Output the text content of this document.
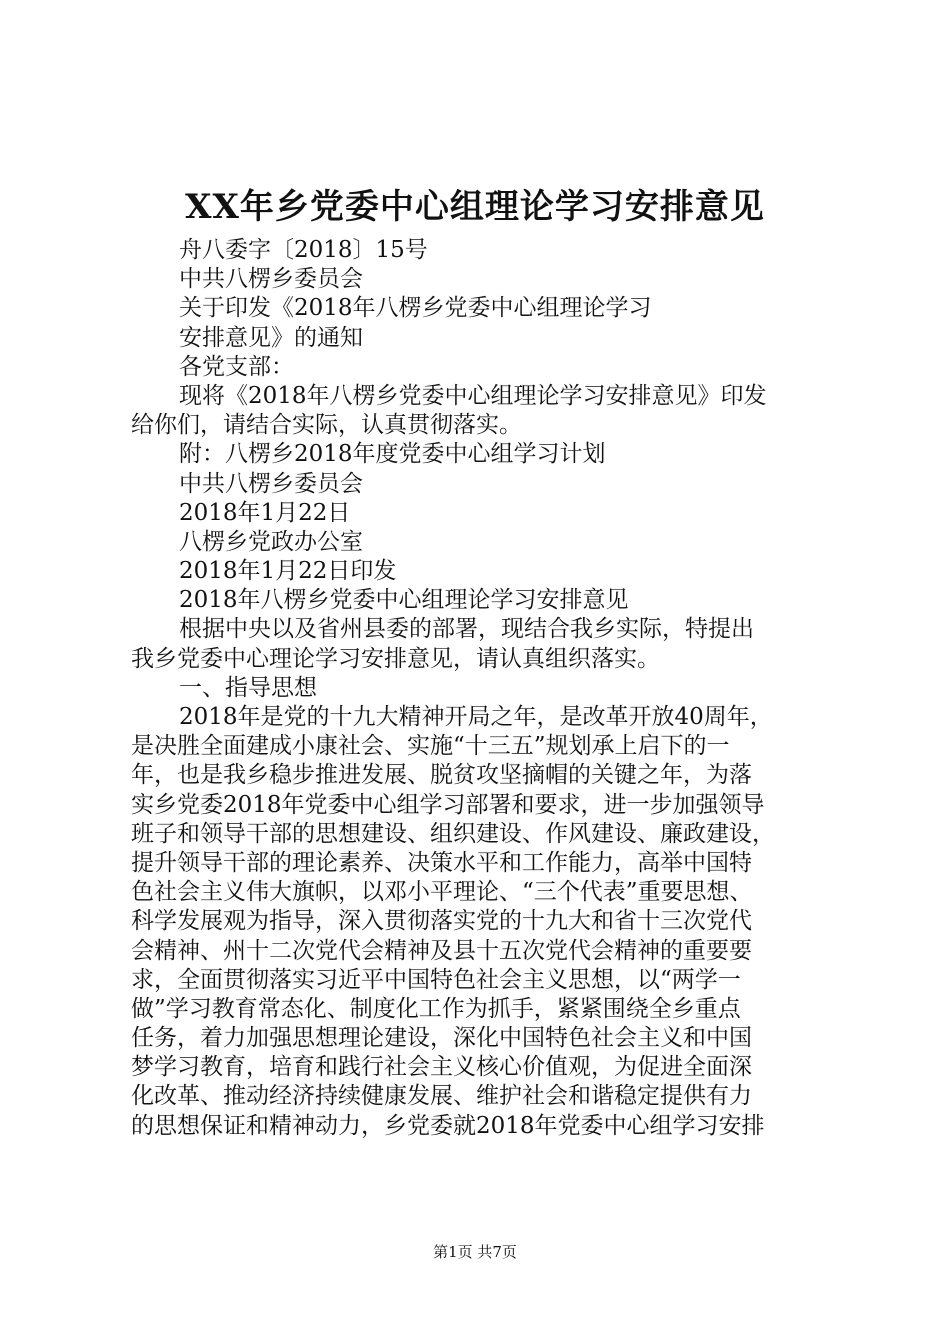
XX年乡党委中心组理论学习安排意见
舟八委字〔2018〕15号
中共八楞乡委员会
关于印发《2018年八楞乡党委中心组理论学习
安排意见》的通知
各党支部：
现将《2018年八楞乡党委中心组理论学习安排意见》印发
给你们，请结合实际，认真贯彻落实。
附：八楞乡2018年度党委中心组学习计划
中共八楞乡委员会
2018年1月22日
八楞乡党政办公室
2018年1月22日印发
2018年八楞乡党委中心组理论学习安排意见
根据中央以及省州县委的部署，现结合我乡实际，特提出
我乡党委中心理论学习安排意见，请认真组织落实。
一、指导思想
2018年是党的十九大精神开局之年，是改革开放40周年，
是决胜全面建成小康社会、实施“十三五”规划承上启下的一
年，也是我乡稳步推进发展、脱贫攻坚摘帽的关键之年，为落
实乡党委2018年党委中心组学习部署和要求，进一步加强领导
班子和领导干部的思想建设、组织建设、作风建设、廉政建设，
提升领导干部的理论素养、决策水平和工作能力，高举中国特
色社会主义伟大旗帜，以邓小平理论、“三个代表”重要思想、
科学发展观为指导，深入贯彻落实党的十九大和省十三次党代
会精神、州十二次党代会精神及县十五次党代会精神的重要要
求，全面贯彻落实习近平中国特色社会主义思想，以“两学一
做”学习教育常态化、制度化工作为抓手，紧紧围绕全乡重点
任务，着力加强思想理论建设，深化中国特色社会主义和中国
梦学习教育，培育和践行社会主义核心价值观，为促进全面深
化改革、推动经济持续健康发展、维护社会和谐稳定提供有力
的思想保证和精神动力，乡党委就2018年党委中心组学习安排
第1页 共7页
